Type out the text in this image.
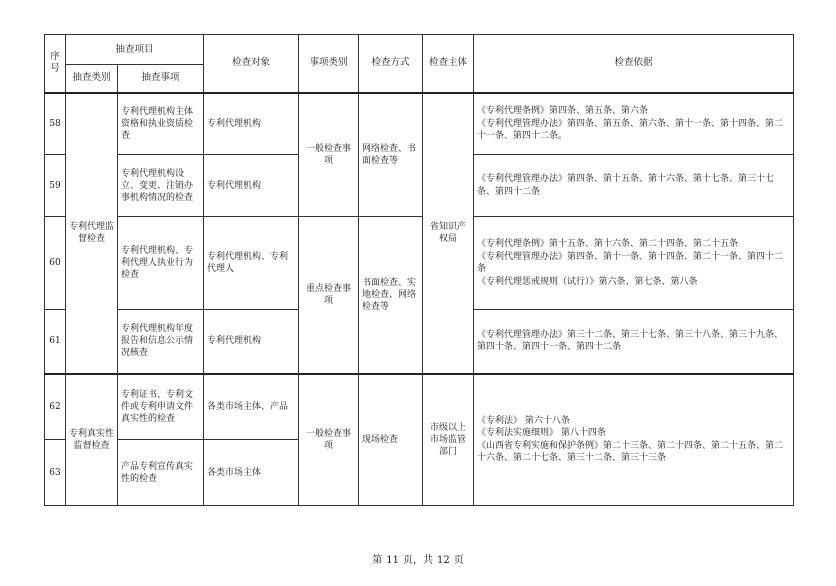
序号	抽查项目		检查对象	事项类别	检查方式	检查主体	检查依据
	抽查类别	抽查事项					
58	专利代理监督检查	专利代理机构主体资格和执业资质检查	专利代理机构	一般检查事项	网络检查、书面检查等	省知识产权局	《专利代理条例》第四条、第五条、第六条
《专利代理管理办法》第四条、第五条、第六条、第十一条、第十四条、第二十一条、第四十二条。

59		专利代理机构设立、变更、注销办事机构情况的检查	专利代理机构				《专利代理管理办法》第四条、第十五条、第十六条、第十七条、第三十七条、第四十二条

60		专利代理机构、专利代理人执业行为检查	专利代理机构、专利代理人	重点检查事项	书面检查、实地检查、网络检查等		《专利代理条例》第十五条、第十六条、第二十四条、第二十五条
《专利代理管理办法》第四条、第十一条、第十四条、第二十一条、第四十二条
《专利代理惩戒规则（试行）》第六条、第七条、第八条

61		专利代理机构年度报告和信息公示情况核查	专利代理机构				《专利代理管理办法》第三十二条、第三十七条、第三十八条、第三十九条、第四十条、第四十一条、第四十二条

62	专利真实性监督检查	专利证书、专利文件或专利申请文件真实性的检查	各类市场主体、产品	一般检查事项	现场检查	市级以上市场监管部门	《专利法》 第六十八条
《专利法实施细则》 第八十四条
《山西省专利实施和保护条例》第二十三条、第二十四条、第二十五条、第二十六条、第二十七条、第三十二条、第三十三条

63		产品专利宣传真实性的检查	各类市场主体				
第 11 页，共 12 页
